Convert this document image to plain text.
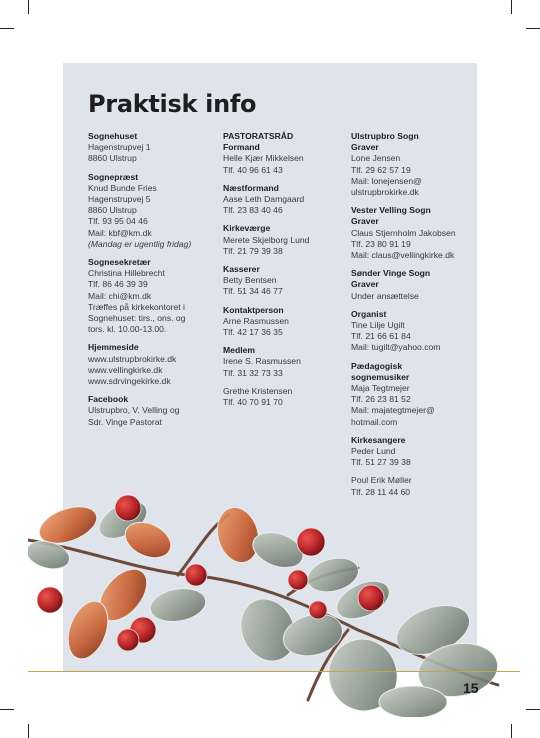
Praktisk info
Sognehuset
Hagenstrupvej 1
8860 Ulstrup
Sognepræst
Knud Bunde Fries
Hagenstrupvej 5
8860 Ulstrup
Tlf. 93 95 04 46
Mail: kbf@km.dk
(Mandag er ugentlig fridag)
Sognesekretær
Christina Hillebrecht
Tlf. 86 46 39 39
Mail: chi@km.dk
Træffes på kirkekontoret i
Sognehuset: tirs., ons. og
tors. kl. 10.00-13.00.
Hjemmeside
www.ulstrupbrokirke.dk
www.vellingkirke.dk
www.sdrvingekirke.dk
Facebook
Ulstrupbro, V. Velling og
Sdr. Vinge Pastorat
PASTORATSRÅD
Formand
Helle Kjær Mikkelsen
Tlf. 40 96 61 43
Næstformand
Aase Leth Damgaard
Tlf. 23 83 40 46
Kirkeværge
Merete Skjelborg Lund
Tlf. 21 79 39 38
Kasserer
Betty Bentsen
Tlf. 51 34 46 77
Kontaktperson
Arne Rasmussen
Tlf. 42 17 36 35
Medlem
Irene S. Rasmussen
Tlf. 31 32 73 33
Grethe Kristensen
Tlf. 40 70 91 70
Ulstrupbro Sogn
Graver
Lone Jensen
Tlf. 29 62 57 19
Mail: lonejensen@
ulstrupbrokirke.dk
Vester Velling Sogn
Graver
Claus Stjernholm Jakobsen
Tlf. 23 80 91 19
Mail: claus@vellingkirke.dk
Sønder Vinge Sogn
Graver
Under ansættelse
Organist
Tine Lilje Ugilt
Tlf. 21 66 61 84
Mail: tugilt@yahoo.com
Pædagogisk
sognemusiker
Maja Tegtmejer
Tlf. 26 23 81 52
Mail: majategtmejer@
hotmail.com
Kirkesangere
Peder Lund
Tlf. 51 27 39 38
Poul Erik Møller
Tlf. 28 11 44 60
15
